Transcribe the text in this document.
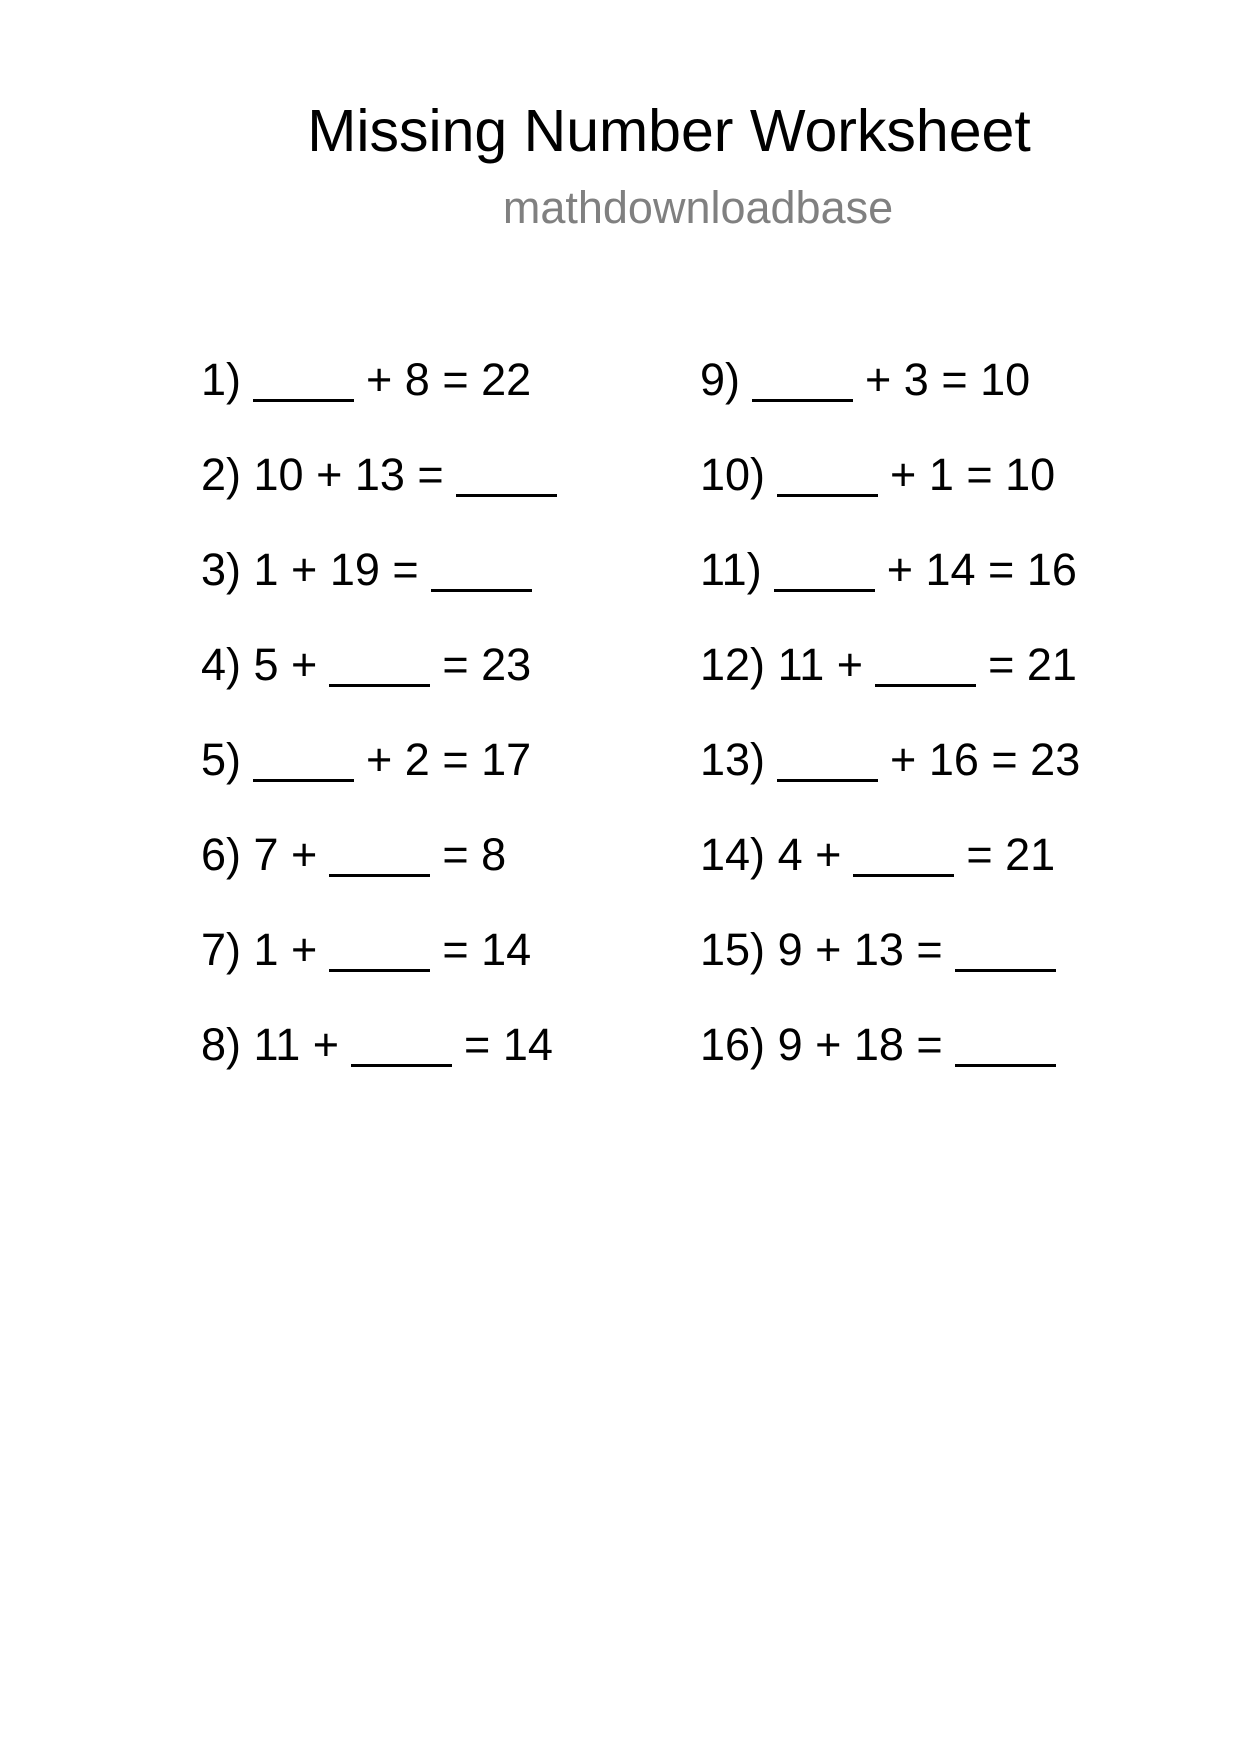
Missing Number Worksheet
mathdownloadbase
1)	+ 8 = 22
2) 10 + 13 =
3) 1 + 19 =
4) 5 +	= 23
5)	+ 2 = 17
6) 7 +	= 8
7) 1 +	= 14
8) 11 +	= 14
9)	+ 3 = 10
10)	+ 1 = 10
11)	+ 14 = 16
12) 11 +	= 21
13)	+ 16 = 23
14) 4 +	= 21
15) 9 + 13 =
16) 9 + 18 =
